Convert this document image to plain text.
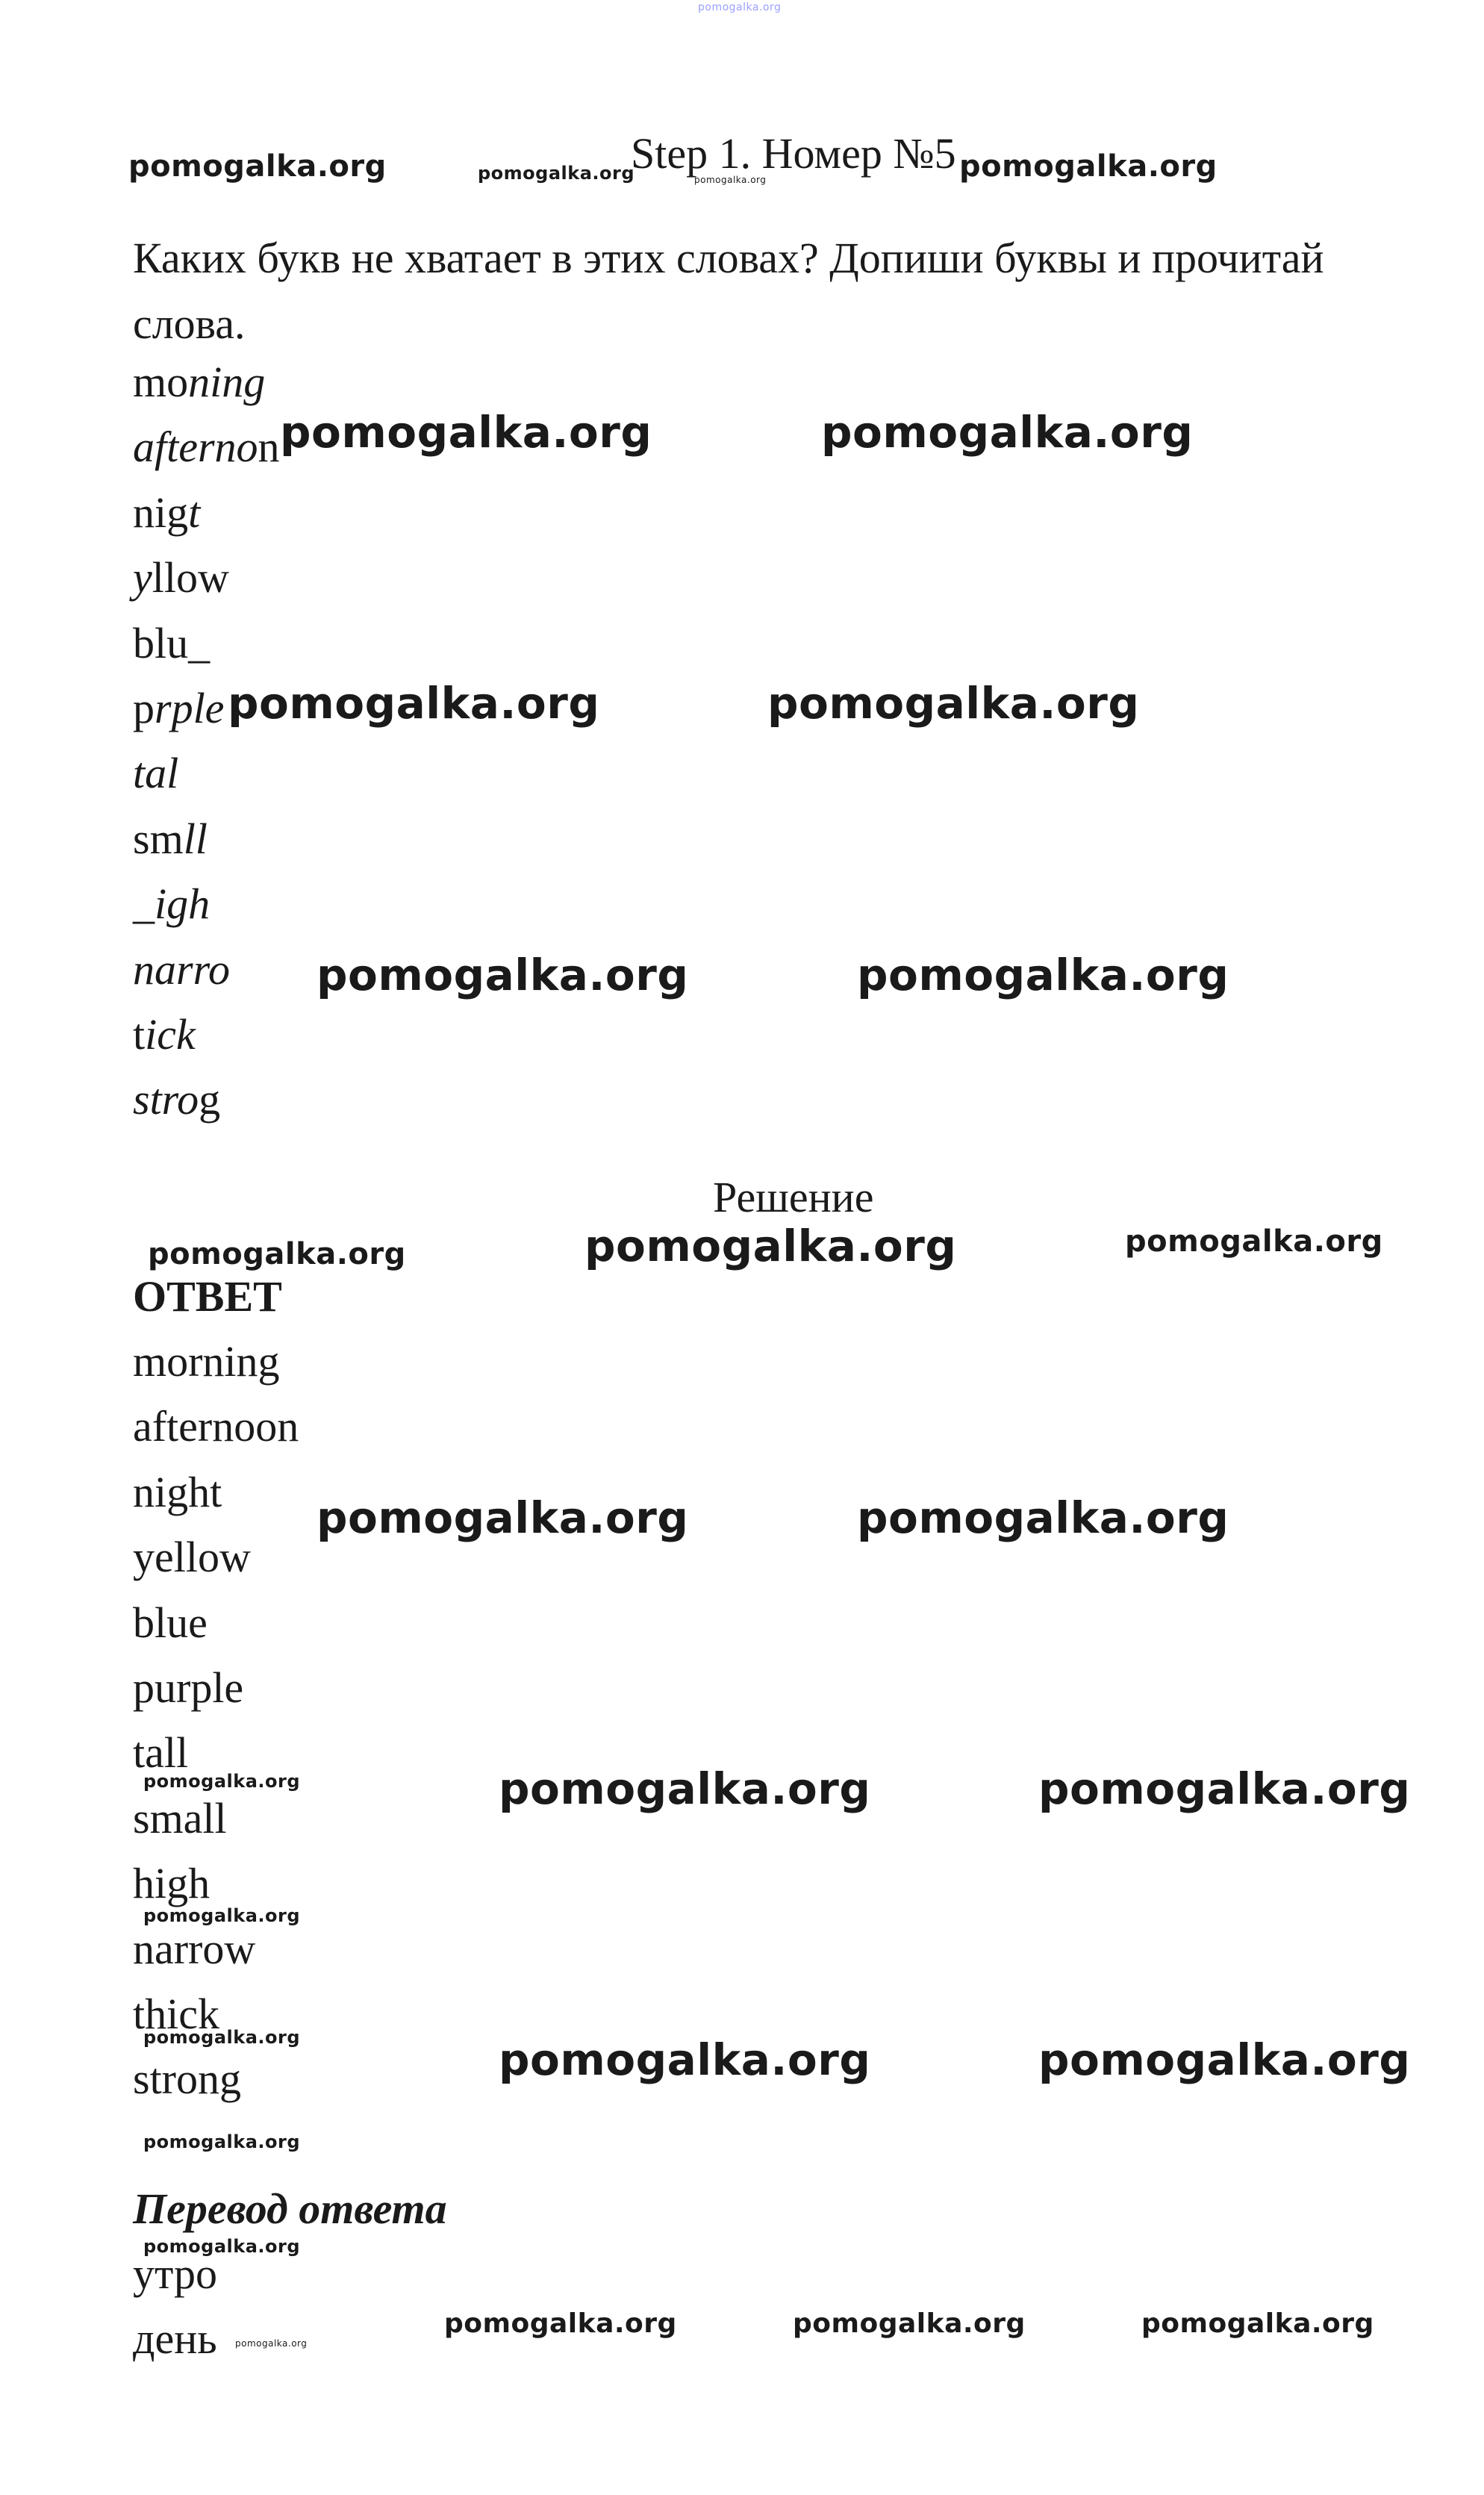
pomogalka.org
pomogalka.org	pomogalka.org
Step 1. Номер №5
pomogalka.org	pomogalka.org
Каких букв не хватает в этих словах? Допиши буквы и прочитай слова.
moning
afternon
nigt
yllow
blu_
prple
tal
smll
_igh
narro
tick
strog
pomogalka.org	pomogalka.org
pomogalka.org	pomogalka.org
pomogalka.org	pomogalka.org
Решение
pomogalka.org	pomogalka.org	pomogalka.org
ОТВЕТ
morning
afternoon
night
yellow
blue
purple
tall
small
high
narrow
thick
strong
pomogalka.org	pomogalka.org
pomogalka.org	pomogalka.org	pomogalka.org
pomogalka.org
pomogalka.org	pomogalka.org	pomogalka.org
pomogalka.org
Перевод ответа
pomogalka.org
утро
день pomogalka.org
pomogalka.org	pomogalka.org	pomogalka.org
